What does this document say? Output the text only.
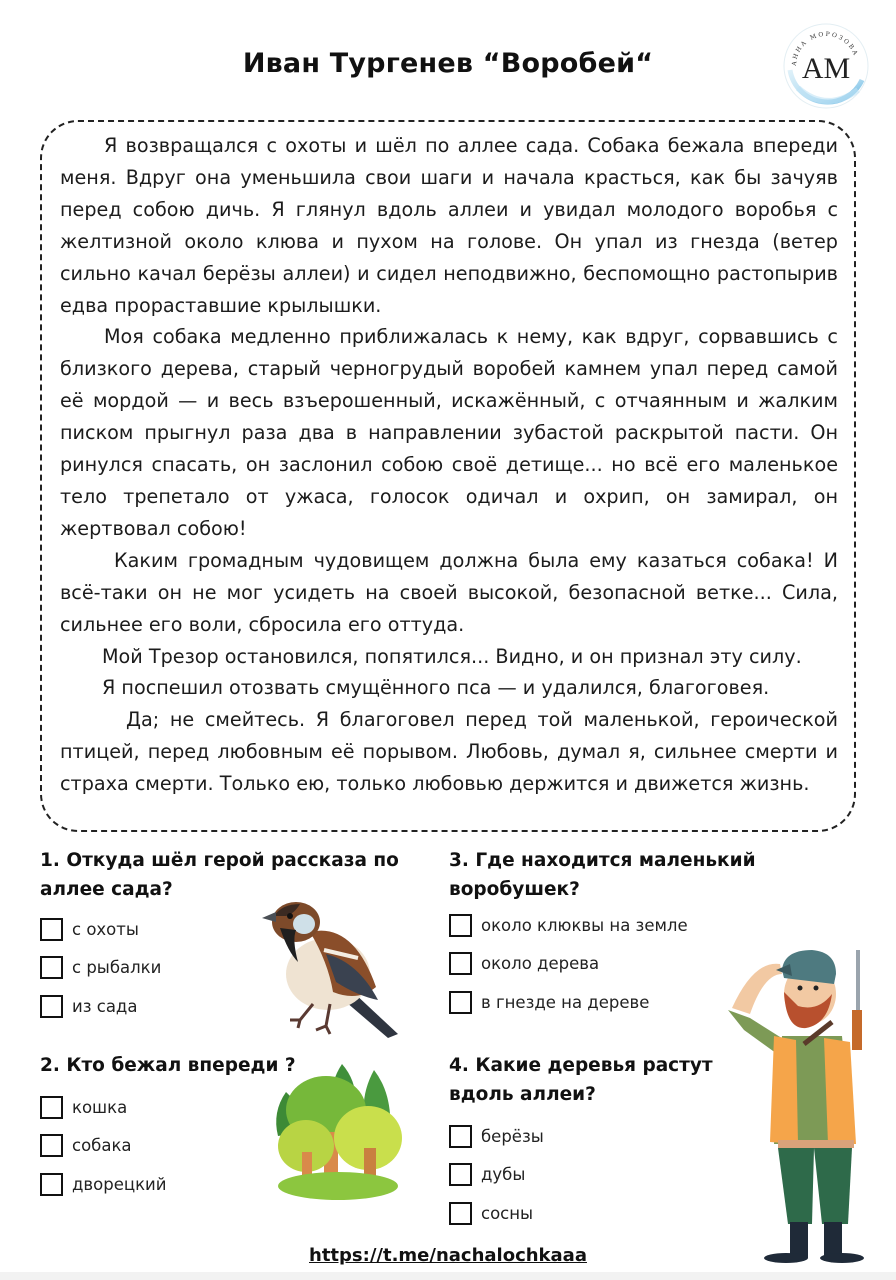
Иван Тургенев “Воробей“	АННА МОРОЗОВА
AM

Я возвращался с охоты и шёл по аллее сада. Собака бежала впереди меня. Вдруг она уменьшила свои шаги и начала красться, как бы зачуяв перед собою дичь. Я глянул вдоль аллеи и увидал молодого воробья с желтизной около клюва и пухом на голове. Он упал из гнезда (ветер сильно качал берёзы аллеи) и сидел неподвижно, беспомощно растопырив едва прораставшие крылышки.

Моя собака медленно приближалась к нему, как вдруг, сорвавшись с близкого дерева, старый черногрудый воробей камнем упал перед самой её мордой — и весь взъерошенный, искажённый, с отчаянным и жалким писком прыгнул раза два в направлении зубастой раскрытой пасти. Он ринулся спасать, он заслонил собою своё детище... но всё его маленькое тело трепетало от ужаса, голосок одичал и охрип, он замирал, он жертвовал собою!

Каким громадным чудовищем должна была ему казаться собака! И всё-таки он не мог усидеть на своей высокой, безопасной ветке... Сила, сильнее его воли, сбросила его оттуда.

Мой Трезор остановился, попятился... Видно, и он признал эту силу.

Я поспешил отозвать смущённого пса — и удалился, благоговея.

Да; не смейтесь. Я благоговел перед той маленькой, героической птицей, перед любовным её порывом. Любовь, думал я, сильнее смерти и страха смерти. Только ею, только любовью держится и движется жизнь.

1. Откуда шёл герой рассказа по аллее сада?
с охоты
с рыбалки
из сада
2. Кто бежал впереди ?
кошка
собака
дворецкий
3. Где находится маленький воробушек?
около клюквы на земле
около дерева
в гнезде на дереве
4. Какие деревья растут вдоль аллеи?
берёзы
дубы
сосны
https://t.me/nachalochkaaa
